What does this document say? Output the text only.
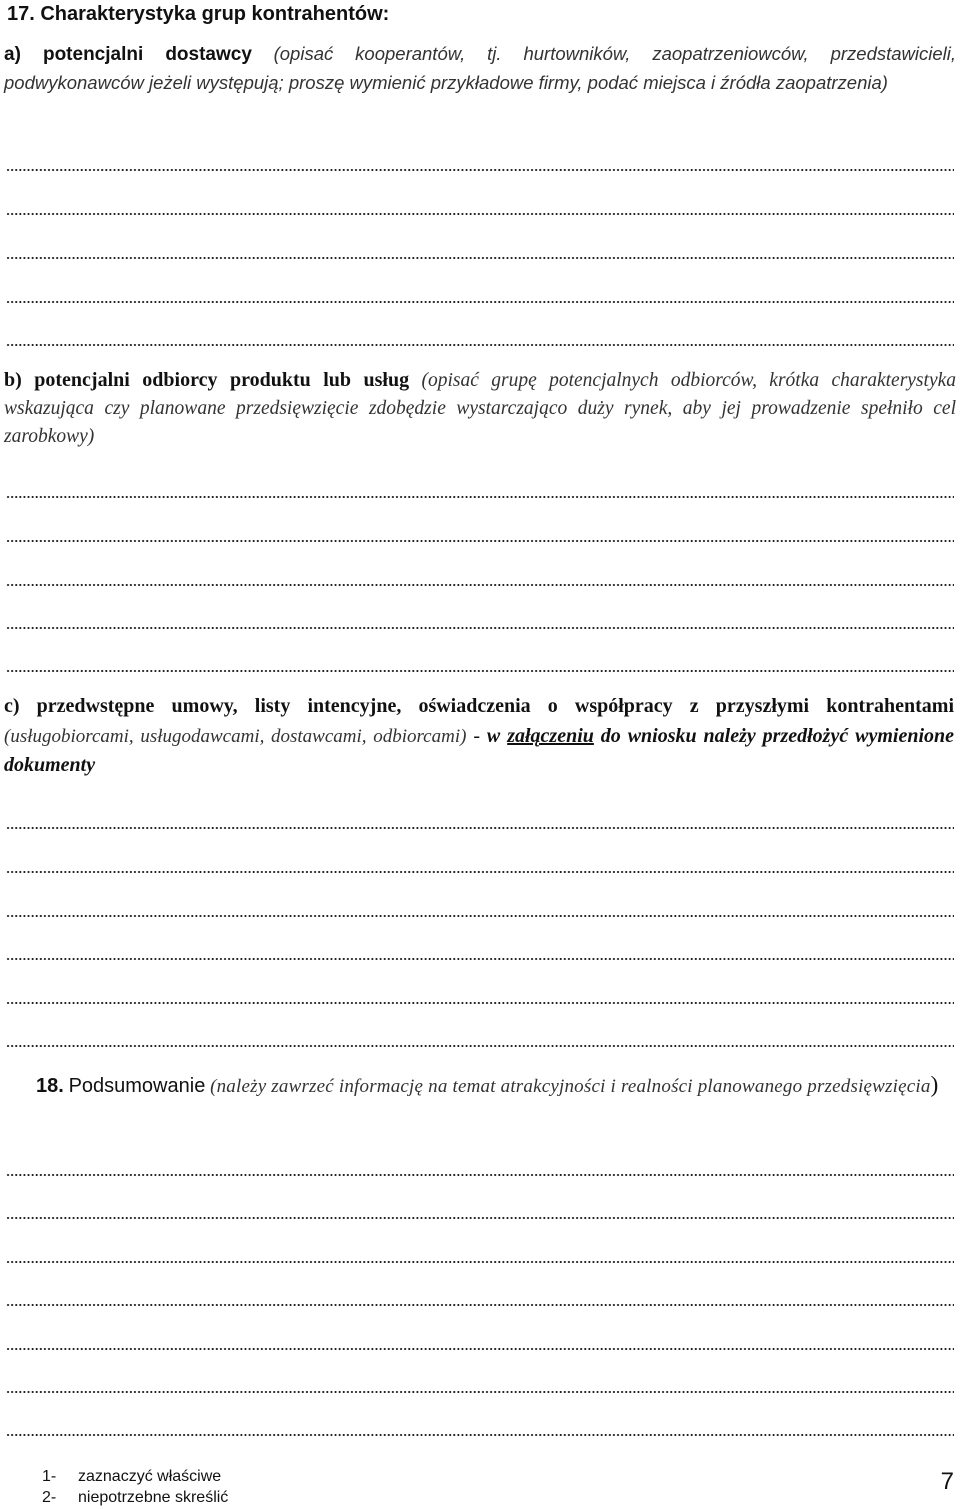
17. Charakterystyka grup kontrahentów:
a) potencjalni dostawcy (opisać kooperantów, tj. hurtowników, zaopatrzeniowców, przedstawicieli, podwykonawców jeżeli występują; proszę wymienić przykładowe firmy, podać miejsca i źródła zaopatrzenia)
b) potencjalni odbiorcy produktu lub usług (opisać grupę potencjalnych odbiorców, krótka charakterystyka wskazująca czy planowane przedsięwzięcie zdobędzie wystarczająco duży rynek, aby jej prowadzenie spełniło cel zarobkowy)
c) przedwstępne umowy, listy intencyjne, oświadczenia o współpracy z przyszłymi kontrahentami (usługobiorcami, usługodawcami, dostawcami, odbiorcami) - w załączeniu do wniosku należy przedłożyć wymienione dokumenty
18. Podsumowanie (należy zawrzeć informację na temat atrakcyjności i realności planowanego przedsięwzięcia)
1- zaznaczyć właściwe
2- niepotrzebne skreślić
7
